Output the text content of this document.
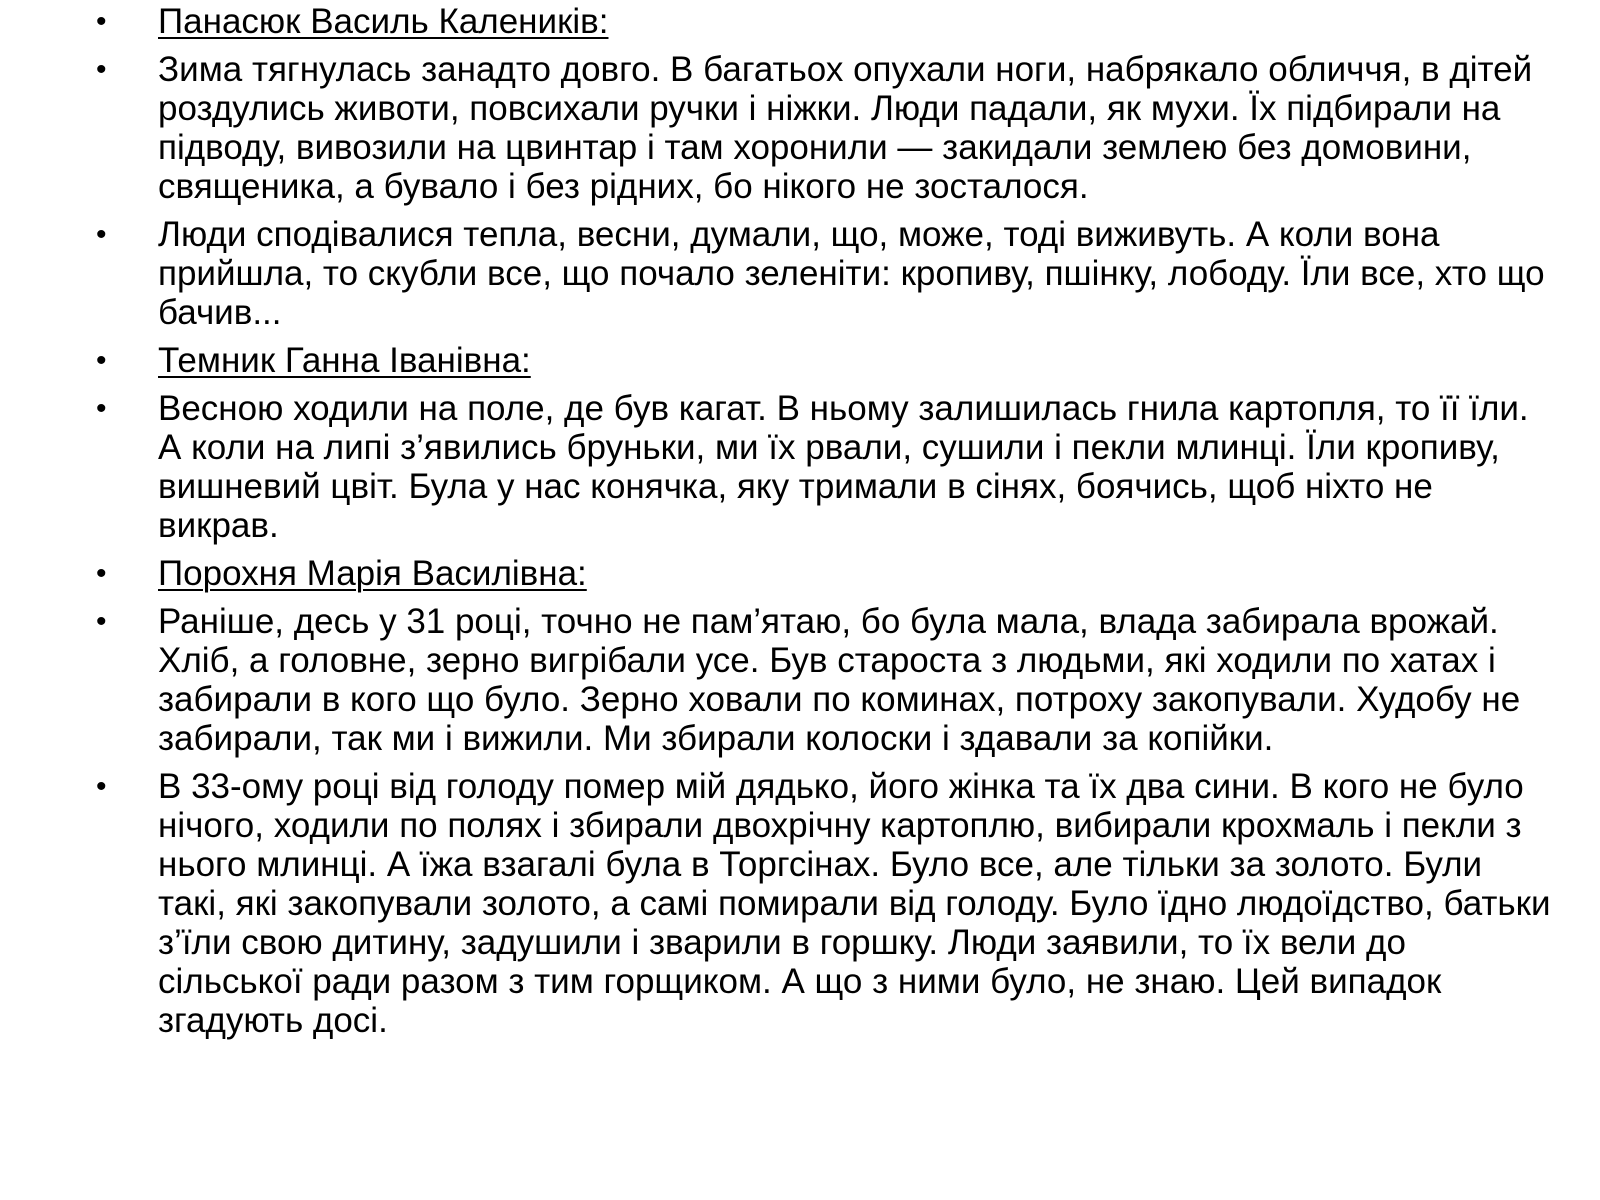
•	Панасюк Василь Калеників:
•	Зима тягнулась занадто довго. В багатьох опухали ноги, набрякало обличчя, в дітей роздулись животи, повсихали ручки і ніжки. Люди падали, як мухи. Їх підбирали на підводу, вивозили на цвинтар і там хоронили — закидали землею без домовини, священика, а бувало і без рідних, бо нікого не зосталося.
•	Люди сподівалися тепла, весни, думали, що, може, тоді виживуть. А коли вона прийшла, то скубли все, що почало зеленіти: кропиву, пшінку, лободу. Їли все, хто що бачив...
•	Темник Ганна Іванівна:
•	Весною ходили на поле, де був кагат. В ньому залишилась гнила картопля, то її їли. А коли на липі з’явились бруньки, ми їх рвали, сушили і пекли млинці. Їли кропиву, вишневий цвіт. Була у нас конячка, яку тримали в сінях, боячись, щоб ніхто не викрав.
•	Порохня Марія Василівна:
•	Раніше, десь у 31 році, точно не пам’ятаю, бо була мала, влада забирала врожай. Хліб, а головне, зерно вигрібали усе. Був староста з людьми, які ходили по хатах і забирали в кого що було. Зерно ховали по коминах, потроху закопували. Худобу не забирали, так ми і вижили. Ми збирали колоски і здавали за копійки.
•	В 33-ому році від голоду помер мій дядько, його жінка та їх два сини. В кого не було нічого, ходили по полях і збирали двохрічну картоплю, вибирали крохмаль і пекли з нього млинці. А їжа взагалі була в Торгсінах. Було все, але тільки за золото. Були такі, які закопували золото, а самі помирали від голоду. Було їдно людоїдство, батьки з’їли свою дитину, задушили і зварили в горшку. Люди заявили, то їх вели до сільської ради разом з тим горщиком. А що з ними було, не знаю. Цей випадок згадують досі.
